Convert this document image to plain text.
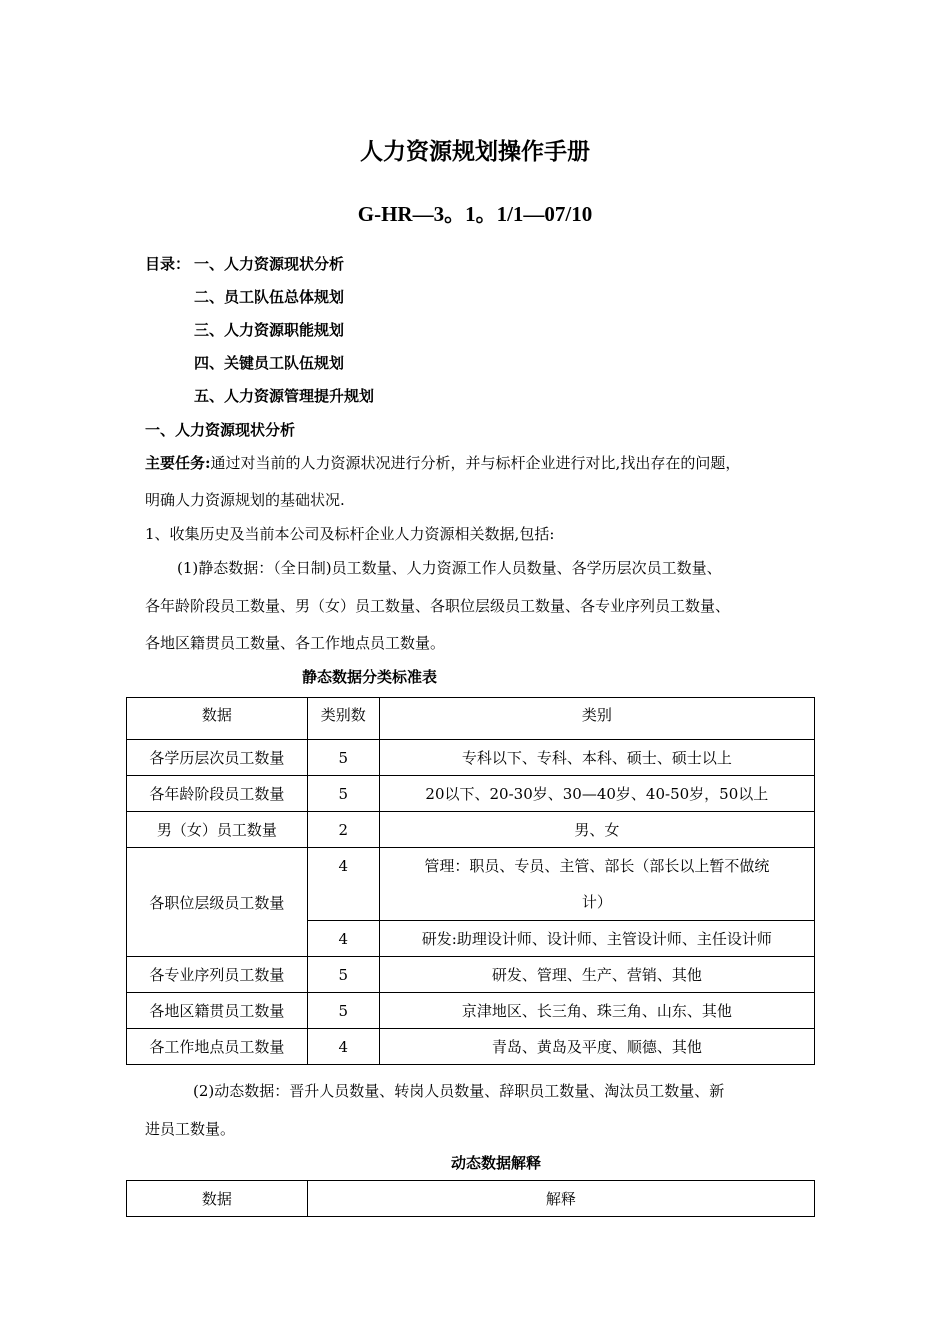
人力资源规划操作手册
G-HR—3。1。1/1—07/10
目录： 一、人力资源现状分析
二、员工队伍总体规划
三、人力资源职能规划
四、关键员工队伍规划
五、人力资源管理提升规划
一、人力资源现状分析
主要任务:通过对当前的人力资源状况进行分析，并与标杆企业进行对比,找出存在的问题，
明确人力资源规划的基础状况.
1、收集历史及当前本公司及标杆企业人力资源相关数据,包括:
(1)静态数据：（全日制)员工数量、人力资源工作人员数量、各学历层次员工数量、
各年龄阶段员工数量、男（女）员工数量、各职位层级员工数量、各专业序列员工数量、
各地区籍贯员工数量、各工作地点员工数量。
静态数据分类标准表
数据	类别数	类别
各学历层次员工数量	5	专科以下、专科、本科、硕士、硕士以上
各年龄阶段员工数量	5	20以下、20-30岁、30—40岁、40-50岁，50以上
男（女）员工数量	2	男、女
各职位层级员工数量	4	管理：职员、专员、主管、部长（部长以上暂不做统
计）

	4	研发:助理设计师、设计师、主管设计师、主任设计师
各专业序列员工数量	5	研发、管理、生产、营销、其他
各地区籍贯员工数量	5	京津地区、长三角、珠三角、山东、其他
各工作地点员工数量	4	青岛、黄岛及平度、顺德、其他
(2)动态数据：晋升人员数量、转岗人员数量、辞职员工数量、淘汰员工数量、新
进员工数量。
动态数据解释
数据	解释
